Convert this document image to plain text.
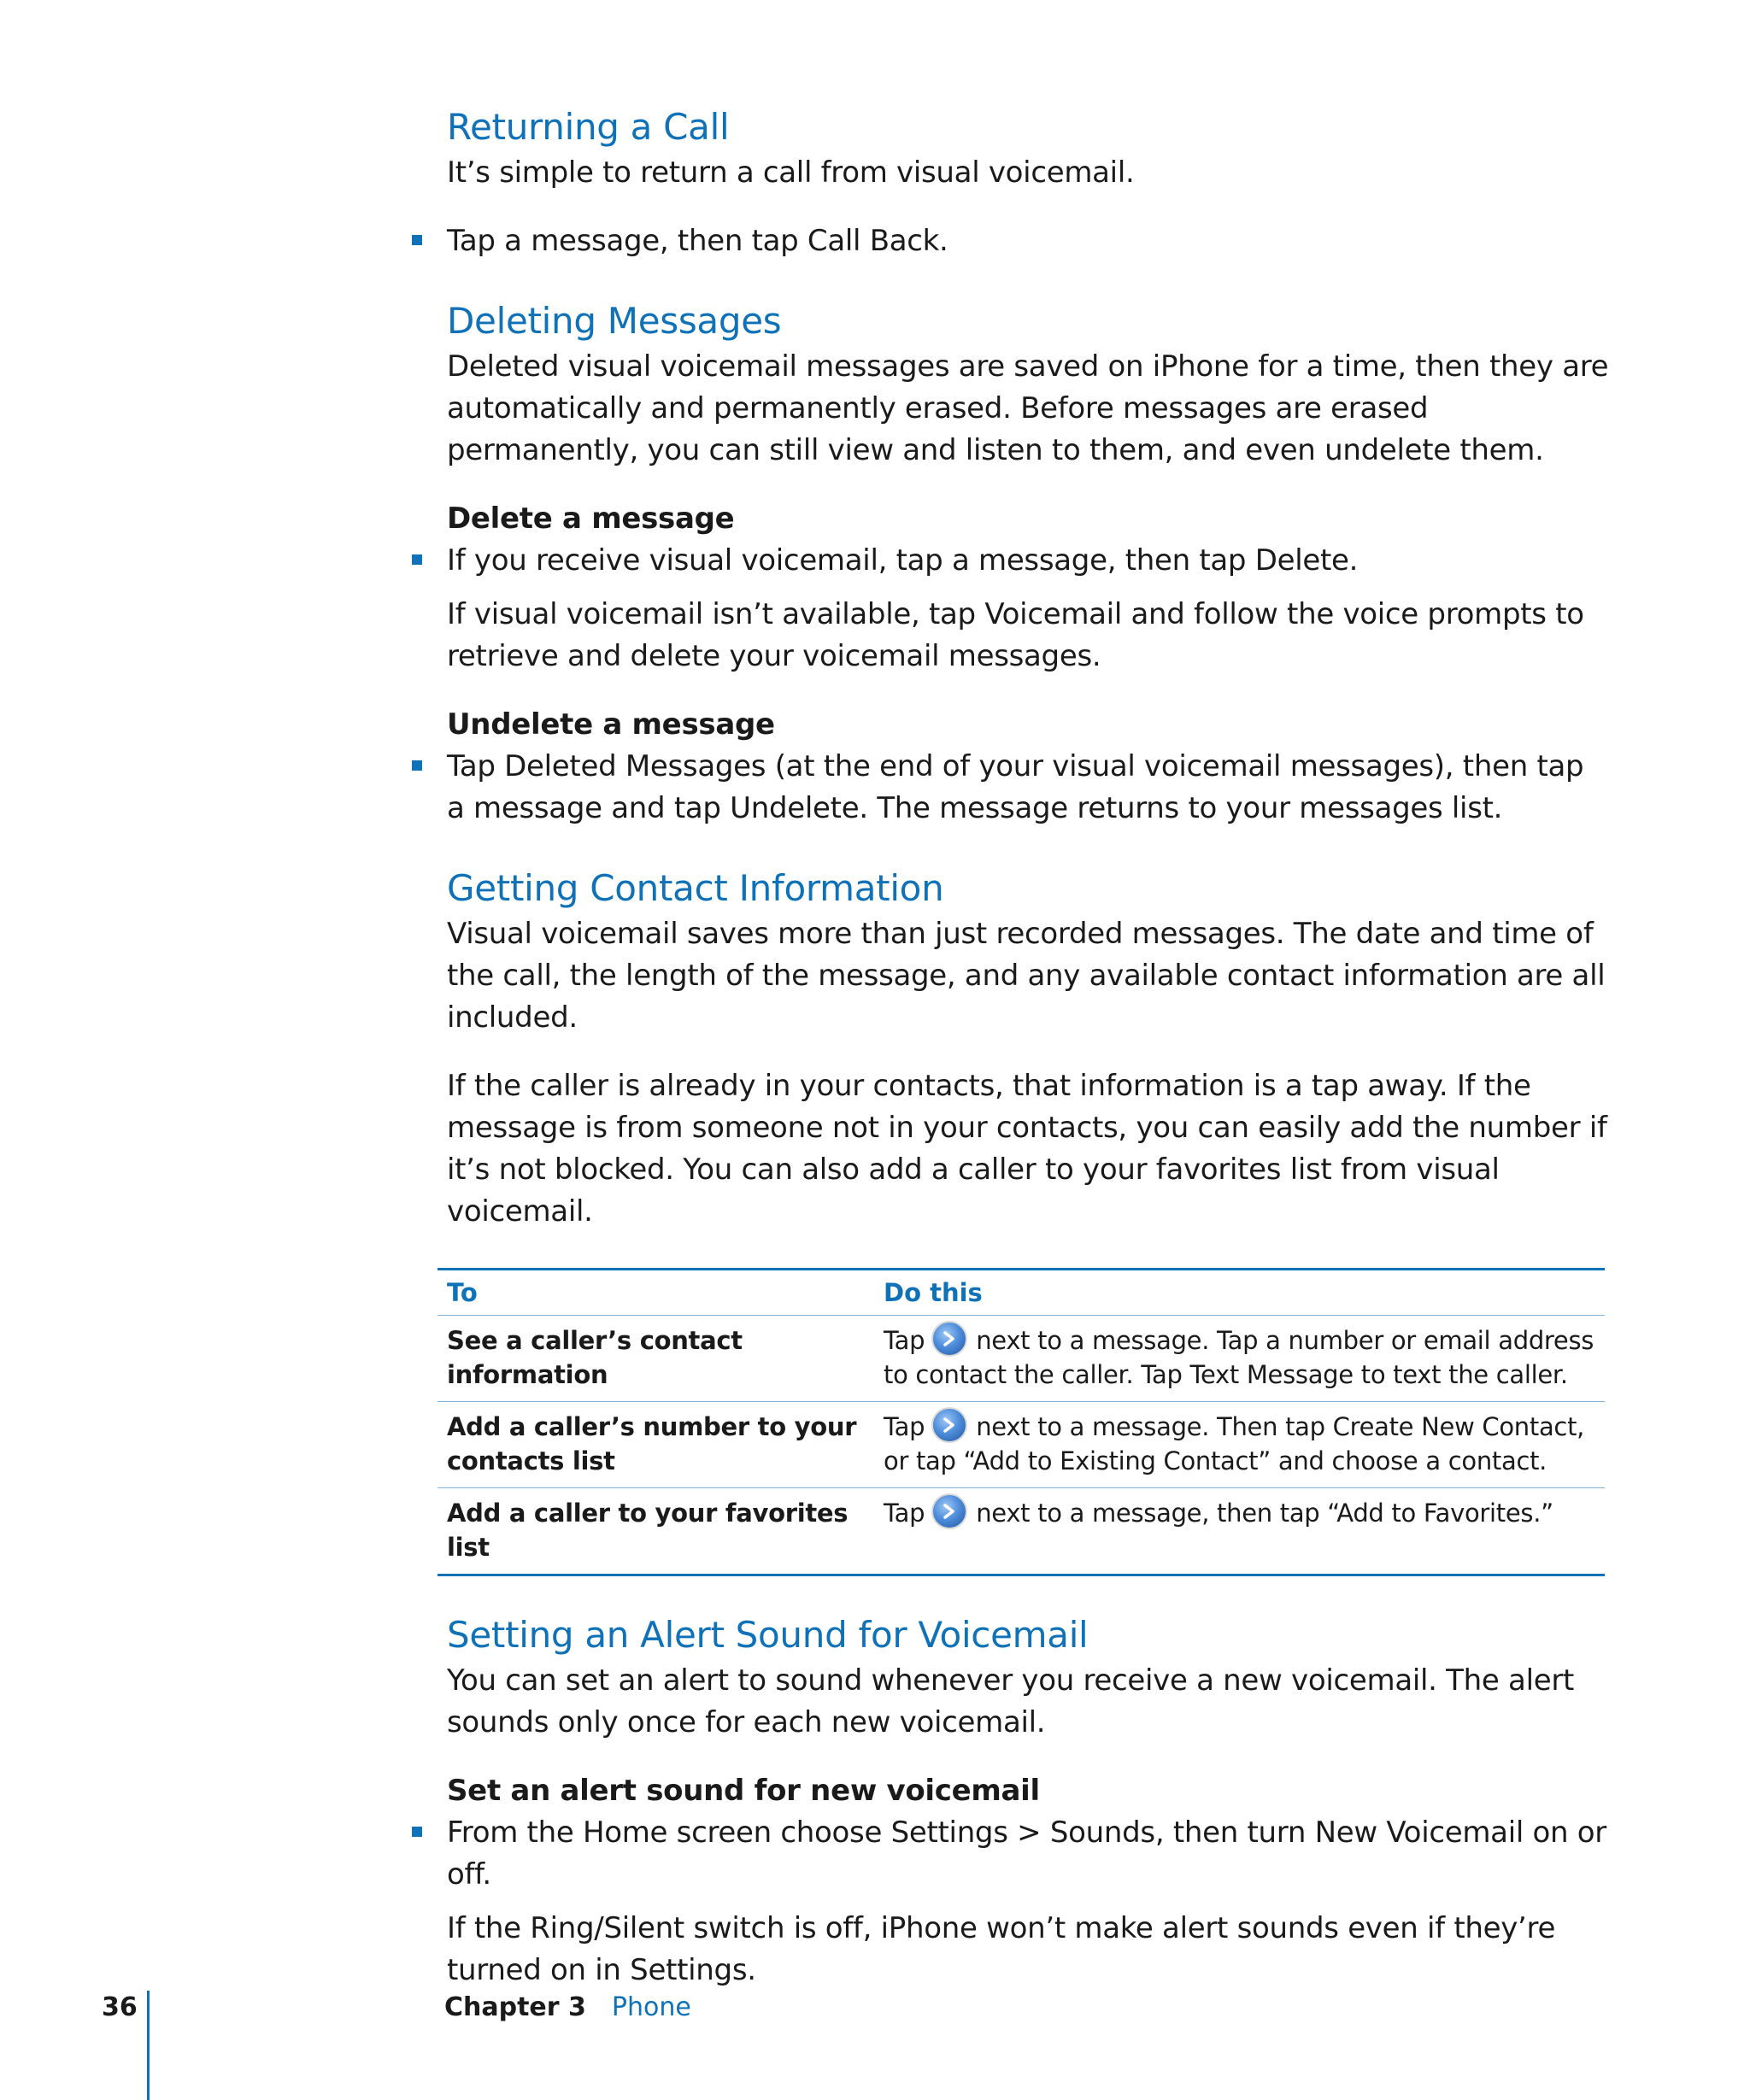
Returning a Call

It’s simple to return a call from visual voicemail.

Tap a message, then tap Call Back.
Deleting Messages

Deleted visual voicemail messages are saved on iPhone for a time, then they are automatically and permanently erased. Before messages are erased permanently, you can still view and listen to them, and even undelete them.

Delete a message
If you receive visual voicemail, tap a message, then tap Delete.

If visual voicemail isn’t available, tap Voicemail and follow the voice prompts to retrieve and delete your voicemail messages.

Undelete a message
Tap Deleted Messages (at the end of your visual voicemail messages), then tap a message and tap Undelete. The message returns to your messages list.
Getting Contact Information

Visual voicemail saves more than just recorded messages. The date and time of the call, the length of the message, and any available contact information are all included.

If the caller is already in your contacts, that information is a tap away. If the message is from someone not in your contacts, you can easily add the number if it’s not blocked. You can also add a caller to your favorites list from visual voicemail.

To	Do this
See a caller’s contact information	Tap next to a message. Tap a number or email address to contact the caller. Tap Text Message to text the caller.
Add a caller’s number to your contacts list	Tap next to a message. Then tap Create New Contact, or tap “Add to Existing Contact” and choose a contact.
Add a caller to your favorites list	Tap next to a message, then tap “Add to Favorites.”
Setting an Alert Sound for Voicemail

You can set an alert to sound whenever you receive a new voicemail. The alert sounds only once for each new voicemail.

Set an alert sound for new voicemail
From the Home screen choose Settings > Sounds, then turn New Voicemail on or off.

If the Ring/Silent switch is off, iPhone won’t make alert sounds even if they’re turned on in Settings.

36	Chapter 3 Phone
